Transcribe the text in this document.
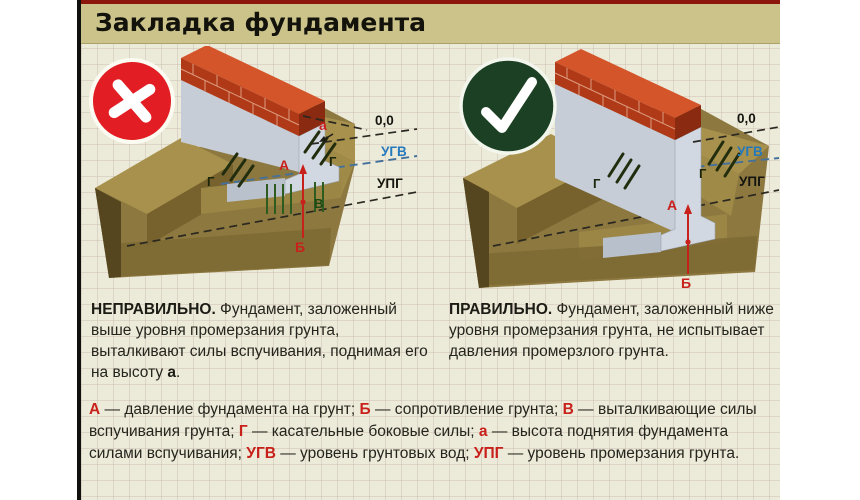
Закладка фундамента
Г
Г
В
А
Б
а	0,0
УГВ
УПГ	Г
Г
А
Б
0,0
УГВ
УПГ

НЕПРАВИЛЬНО. Фундамент, заложенный выше уровня промерзания грунта, выталкивают силы вспучивания, поднимая его на высоту а.

ПРАВИЛЬНО. Фундамент, заложенный ниже уровня промерзания грунта, не испытывает давления промерзлого грунта.

А — давление фундамента на грунт; Б — сопротивление грунта; В — выталкивающие силы вспучивания грунта; Г — касательные боковые силы; а — высота поднятия фундамента силами вспучивания; УГВ — уровень грунтовых вод; УПГ — уровень промерзания грунта.
